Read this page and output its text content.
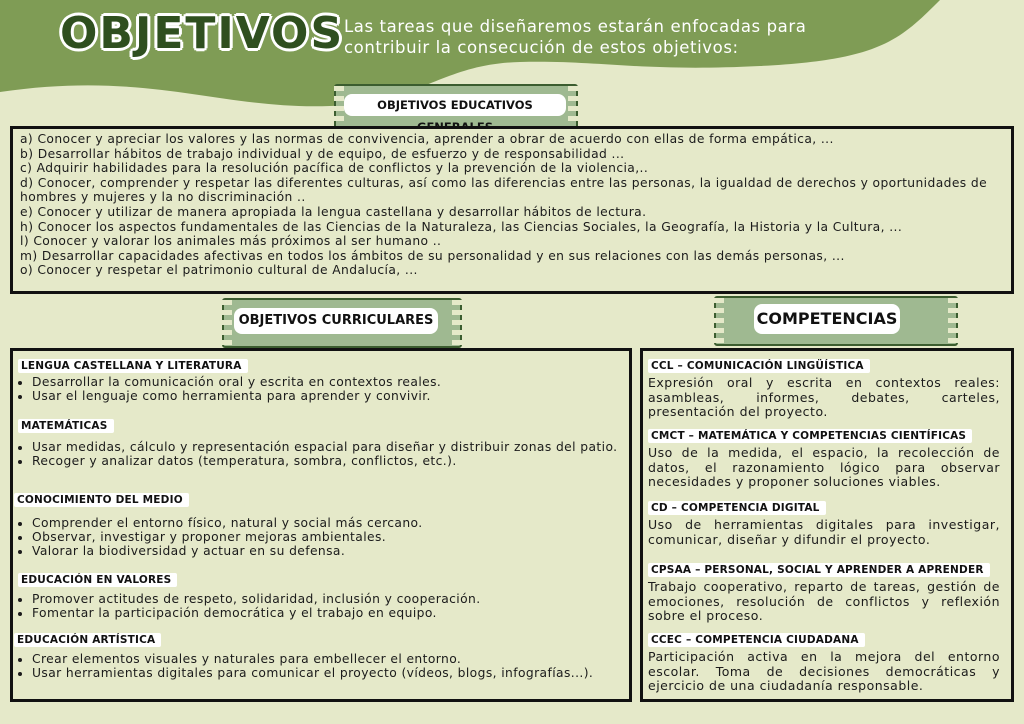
OBJETIVOS Las tareas que diseñaremos estarán enfocadas para contribuir la consecución de estos objetivos:
OBJETIVOS EDUCATIVOS
a) Conocer y apreciar los valores y las normas de convivencia, aprender a obrar de acuerdo con ellas de forma empática, ...
b) Desarrollar hábitos de trabajo individual y de equipo, de esfuerzo y de responsabilidad ...
c) Adquirir habilidades para la resolución pacífica de conflictos y la prevención de la violencia,..
d) Conocer, comprender y respetar las diferentes culturas, así como las diferencias entre las personas, la igualdad de derechos y oportunidades de hombres y mujeres y la no discriminación ..
e) Conocer y utilizar de manera apropiada la lengua castellana y desarrollar hábitos de lectura.
h) Conocer los aspectos fundamentales de las Ciencias de la Naturaleza, las Ciencias Sociales, la Geografía, la Historia y la Cultura, ...
l) Conocer y valorar los animales más próximos al ser humano ..
m) Desarrollar capacidades afectivas en todos los ámbitos de su personalidad y en sus relaciones con las demás personas, ...
o) Conocer y respetar el patrimonio cultural de Andalucía, ...
OBJETIVOS CURRICULARES	COMPETENCIAS
LENGUA CASTELLANA Y LITERATURA
• Desarrollar la comunicación oral y escrita en contextos reales.
• Usar el lenguaje como herramienta para aprender y convivir.
MATEMÁTICAS
• Usar medidas, cálculo y representación espacial para diseñar y distribuir zonas del patio.
• Recoger y analizar datos (temperatura, sombra, conflictos, etc.).
CONOCIMIENTO DEL MEDIO
• Comprender el entorno físico, natural y social más cercano.
• Observar, investigar y proponer mejoras ambientales.
• Valorar la biodiversidad y actuar en su defensa.
EDUCACIÓN EN VALORES
• Promover actitudes de respeto, solidaridad, inclusión y cooperación.
• Fomentar la participación democrática y el trabajo en equipo.
EDUCACIÓN ARTÍSTICA
• Crear elementos visuales y naturales para embellecer el entorno.
• Usar herramientas digitales para comunicar el proyecto (vídeos, blogs, infografías...).
CCL – COMUNICACIÓN LINGÜÍSTICA

Expresión oral y escrita en contextos reales: asambleas, informes, debates, carteles, presentación del proyecto.

CMCT – MATEMÁTICA Y COMPETENCIAS CIENTÍFICAS

Uso de la medida, el espacio, la recolección de datos, el razonamiento lógico para observar necesidades y proponer soluciones viables.

CD – COMPETENCIA DIGITAL

Uso de herramientas digitales para investigar, comunicar, diseñar y difundir el proyecto.

CPSAA – PERSONAL, SOCIAL Y APRENDER A APRENDER

Trabajo cooperativo, reparto de tareas, gestión de emociones, resolución de conflictos y reflexión sobre el proceso.

CCEC – COMPETENCIA CIUDADANA

Participación activa en la mejora del entorno escolar. Toma de decisiones democráticas y ejercicio de una ciudadanía responsable.
